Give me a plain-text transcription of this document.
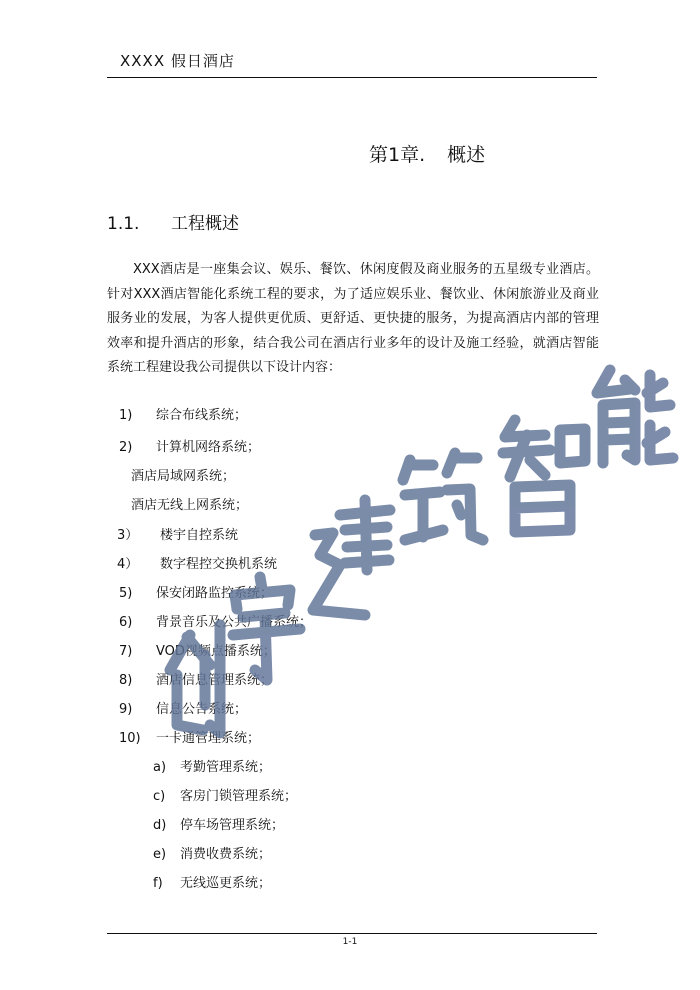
XXXX 假日酒店
第1章. 概述
1.1. 工程概述

XXX酒店是一座集会议、娱乐、餐饮、休闲度假及商业服务的五星级专业酒店。针对XXX酒店智能化系统工程的要求，为了适应娱乐业、餐饮业、休闲旅游业及商业服务业的发展，为客人提供更优质、更舒适、更快捷的服务，为提高酒店内部的管理效率和提升酒店的形象，结合我公司在酒店行业多年的设计及施工经验，就酒店智能系统工程建设我公司提供以下设计内容：

1) 综合布线系统；
2) 计算机网络系统；
酒店局域网系统；
酒店无线上网系统；
3） 楼宇自控系统
4） 数字程控交换机系统
5) 保安闭路监控系统；
6) 背景音乐及公共广播系统；
7) VOD视频点播系统；
8) 酒店信息管理系统；
9) 信息公告系统；
10) 一卡通管理系统；
a) 考勤管理系统；
c) 客房门锁管理系统；
d) 停车场管理系统；
e) 消费收费系统；
f) 无线巡更系统；
1-1
